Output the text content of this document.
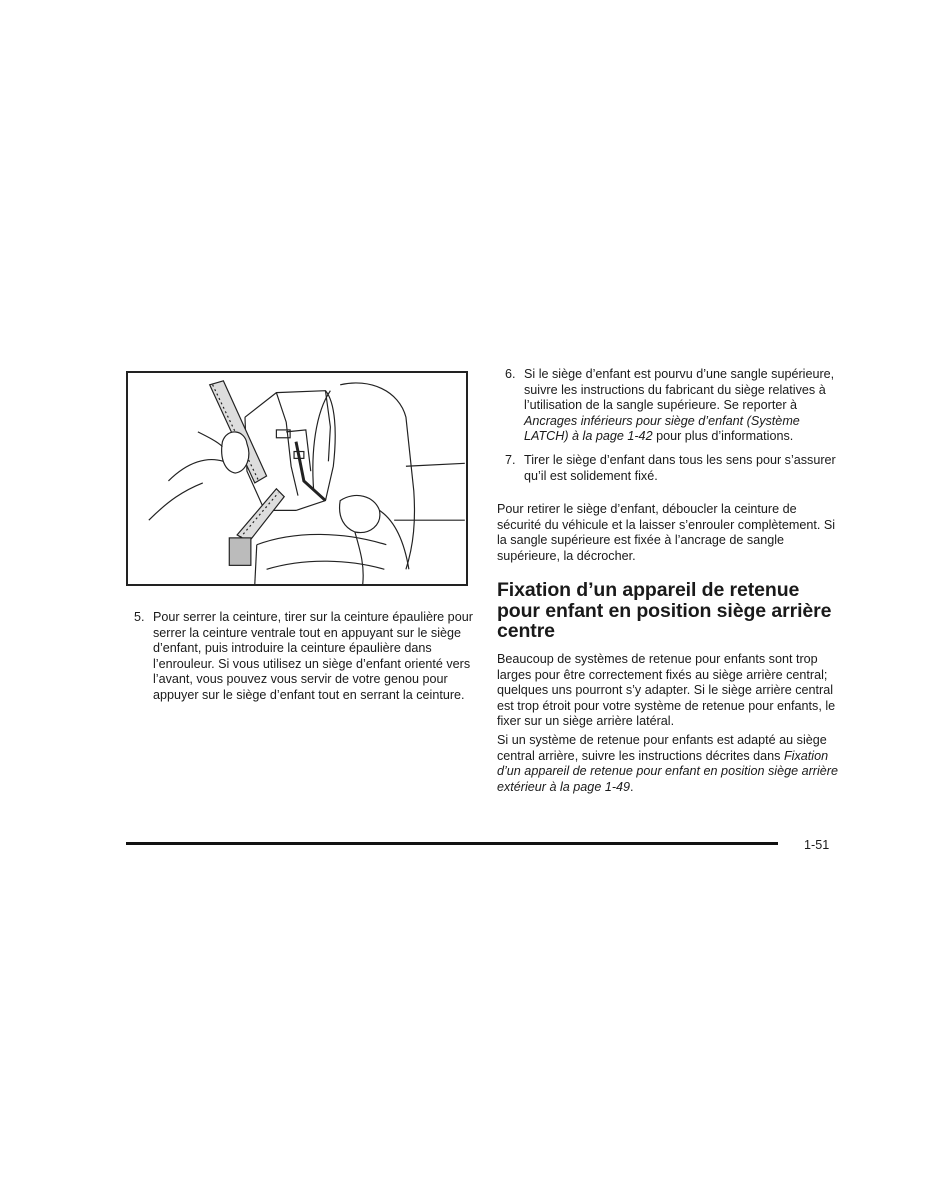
5. Pour serrer la ceinture, tirer sur la ceinture épaulière pour serrer la ceinture ventrale tout en appuyant sur le siège d’enfant, puis introduire la ceinture épaulière dans l’enrouleur. Si vous utilisez un siège d’enfant orienté vers l’avant, vous pouvez vous servir de votre genou pour appuyer sur le siège d’enfant tout en serrant la ceinture.
6. Si le siège d’enfant est pourvu d’une sangle supérieure, suivre les instructions du fabricant du siège relatives à l’utilisation de la sangle supérieure. Se reporter à Ancrages inférieurs pour siège d’enfant (Système LATCH) à la page 1-42 pour plus d’informations.
7. Tirer le siège d’enfant dans tous les sens pour s’assurer qu’il est solidement fixé.

Pour retirer le siège d’enfant, déboucler la ceinture de sécurité du véhicule et la laisser s’enrouler complètement. Si la sangle supérieure est fixée à l’ancrage de sangle supérieure, la décrocher.

Fixation d’un appareil de retenue pour enfant en position siège arrière centre

Beaucoup de systèmes de retenue pour enfants sont trop larges pour être correctement fixés au siège arrière central; quelques uns pourront s’y adapter. Si le siège arrière central est trop étroit pour votre système de retenue pour enfants, le fixer sur un siège arrière latéral.

Si un système de retenue pour enfants est adapté au siège central arrière, suivre les instructions décrites dans Fixation d’un appareil de retenue pour enfant en position siège arrière extérieur à la page 1-49.

1-51
